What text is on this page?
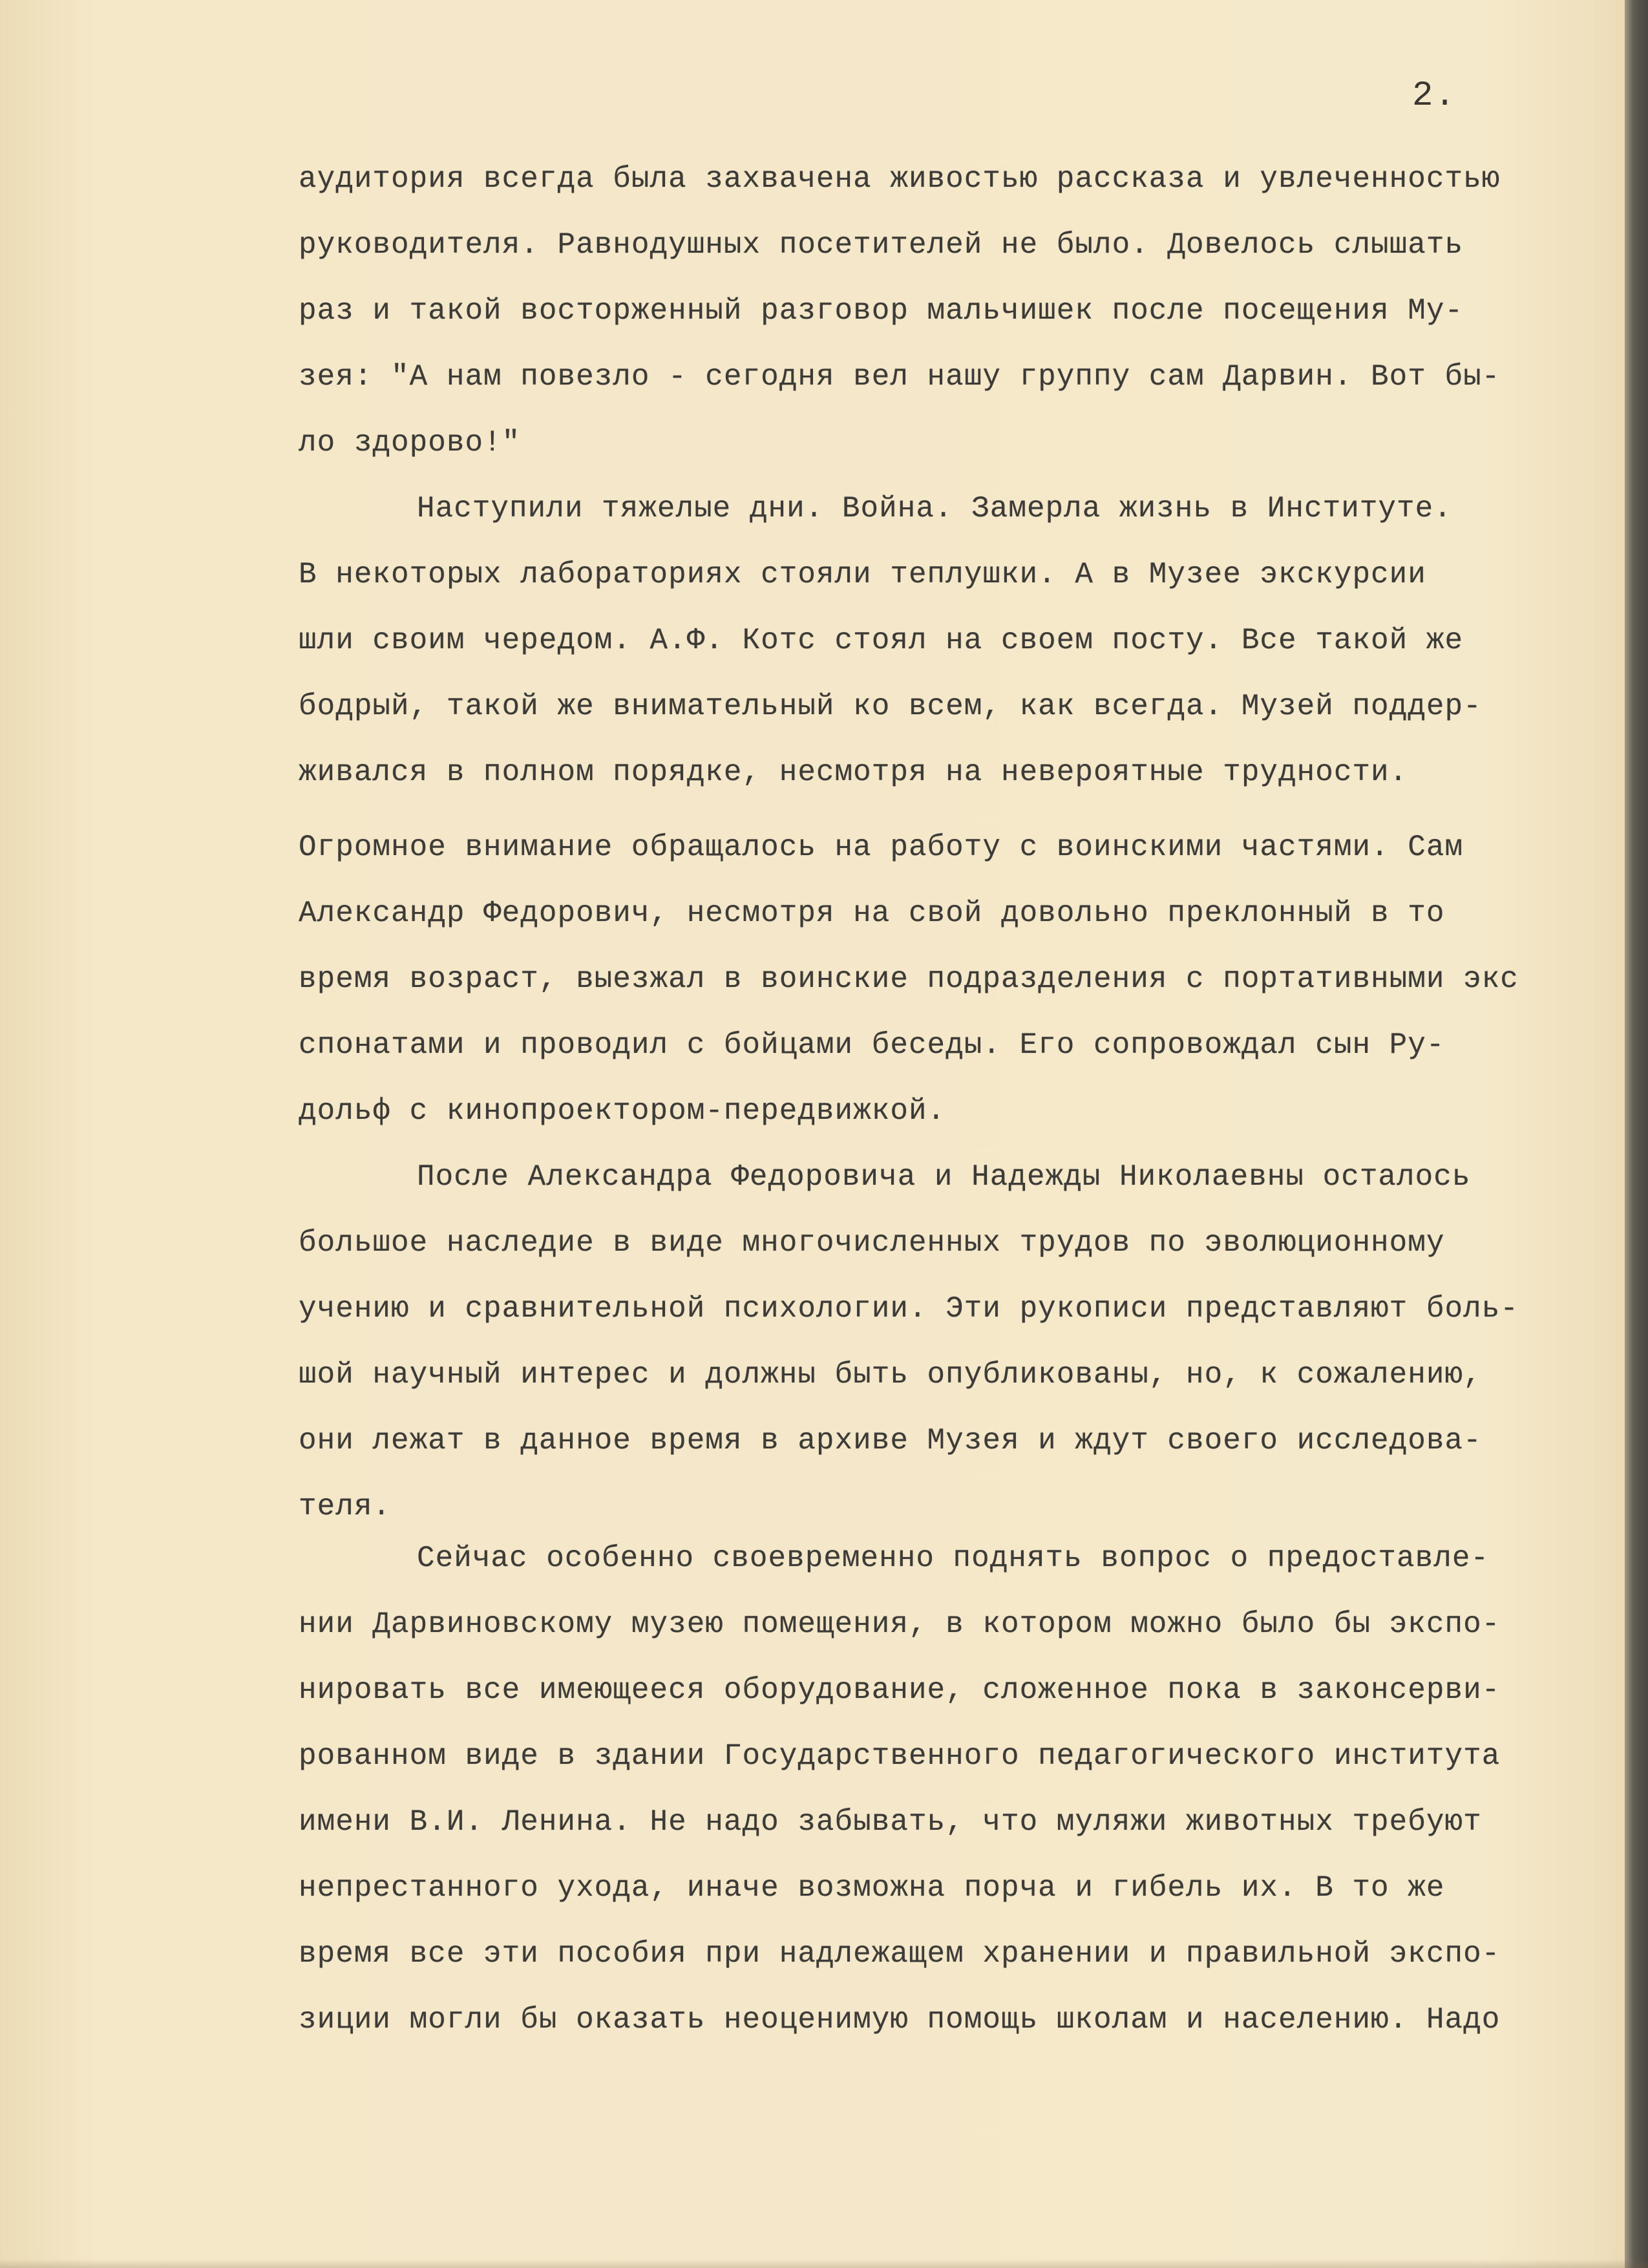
2.
аудитория всегда была захвачена живостью рассказа и увлеченностью
руководителя. Равнодушных посетителей не было. Довелось слышать
раз и такой восторженный разговор мальчишек после посещения Му-
зея: "А нам повезло - сегодня вел нашу группу сам Дарвин. Вот бы-
ло здорово!"
Наступили тяжелые дни. Война. Замерла жизнь в Институте.
В некоторых лабораториях стояли теплушки. А в Музее экскурсии
шли своим чередом. А.Ф. Котс стоял на своем посту. Все такой же
бодрый, такой же внимательный ко всем, как всегда. Музей поддер-
живался в полном порядке, несмотря на невероятные трудности.
Огромное внимание обращалось на работу с воинскими частями. Сам
Александр Федорович, несмотря на свой довольно преклонный в то
время возраст, выезжал в воинские подразделения с портативными экс
спонатами и проводил с бойцами беседы. Его сопровождал сын Ру-
дольф с кинопроектором-передвижкой.
После Александра Федоровича и Надежды Николаевны осталось
большое наследие в виде многочисленных трудов по эволюционному
учению и сравнительной психологии. Эти рукописи представляют боль-
шой научный интерес и должны быть опубликованы, но, к сожалению,
они лежат в данное время в архиве Музея и ждут своего исследова-
теля.
Сейчас особенно своевременно поднять вопрос о предоставле-
нии Дарвиновскому музею помещения, в котором можно было бы экспо-
нировать все имеющееся оборудование, сложенное пока в законсерви-
рованном виде в здании Государственного педагогического института
имени В.И. Ленина. Не надо забывать, что муляжи животных требуют
непрестанного ухода, иначе возможна порча и гибель их. В то же
время все эти пособия при надлежащем хранении и правильной экспо-
зиции могли бы оказать неоценимую помощь школам и населению. Надо
